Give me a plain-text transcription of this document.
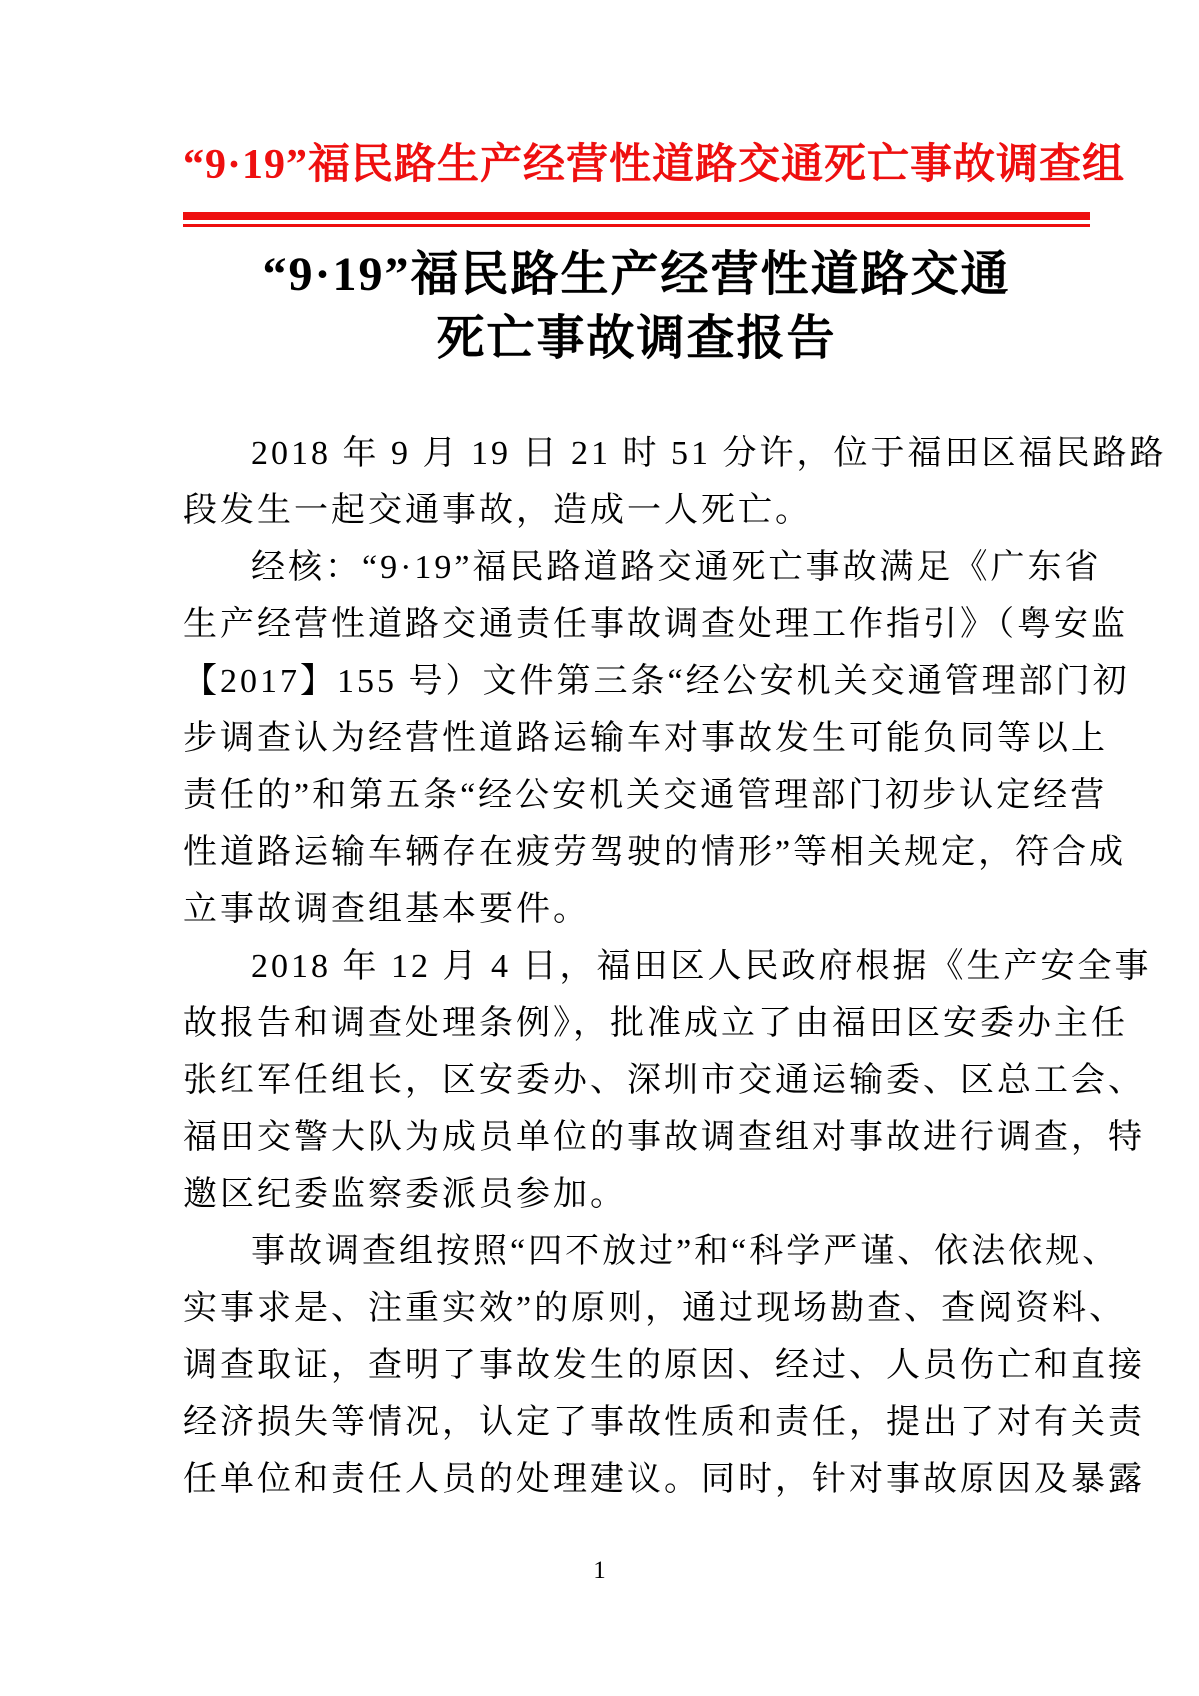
“9·19”福民路生产经营性道路交通死亡事故调查组
“9·19”福民路生产经营性道路交通
死亡事故调查报告

2018 年 9 月 19 日 21 时 51 分许，位于福田区福民路路
段发生一起交通事故，造成一人死亡。

经核：“9·19”福民路道路交通死亡事故满足《广东省
生产经营性道路交通责任事故调查处理工作指引》（粤安监
【2017】155 号）文件第三条“经公安机关交通管理部门初
步调查认为经营性道路运输车对事故发生可能负同等以上
责任的”和第五条“经公安机关交通管理部门初步认定经营
性道路运输车辆存在疲劳驾驶的情形”等相关规定，符合成
立事故调查组基本要件。

2018 年 12 月 4 日，福田区人民政府根据《生产安全事
故报告和调查处理条例》，批准成立了由福田区安委办主任
张红军任组长，区安委办、深圳市交通运输委、区总工会、
福田交警大队为成员单位的事故调查组对事故进行调查，特
邀区纪委监察委派员参加。

事故调查组按照“四不放过”和“科学严谨、依法依规、
实事求是、注重实效”的原则，通过现场勘查、查阅资料、
调查取证，查明了事故发生的原因、经过、人员伤亡和直接
经济损失等情况，认定了事故性质和责任，提出了对有关责
任单位和责任人员的处理建议。同时，针对事故原因及暴露

1
